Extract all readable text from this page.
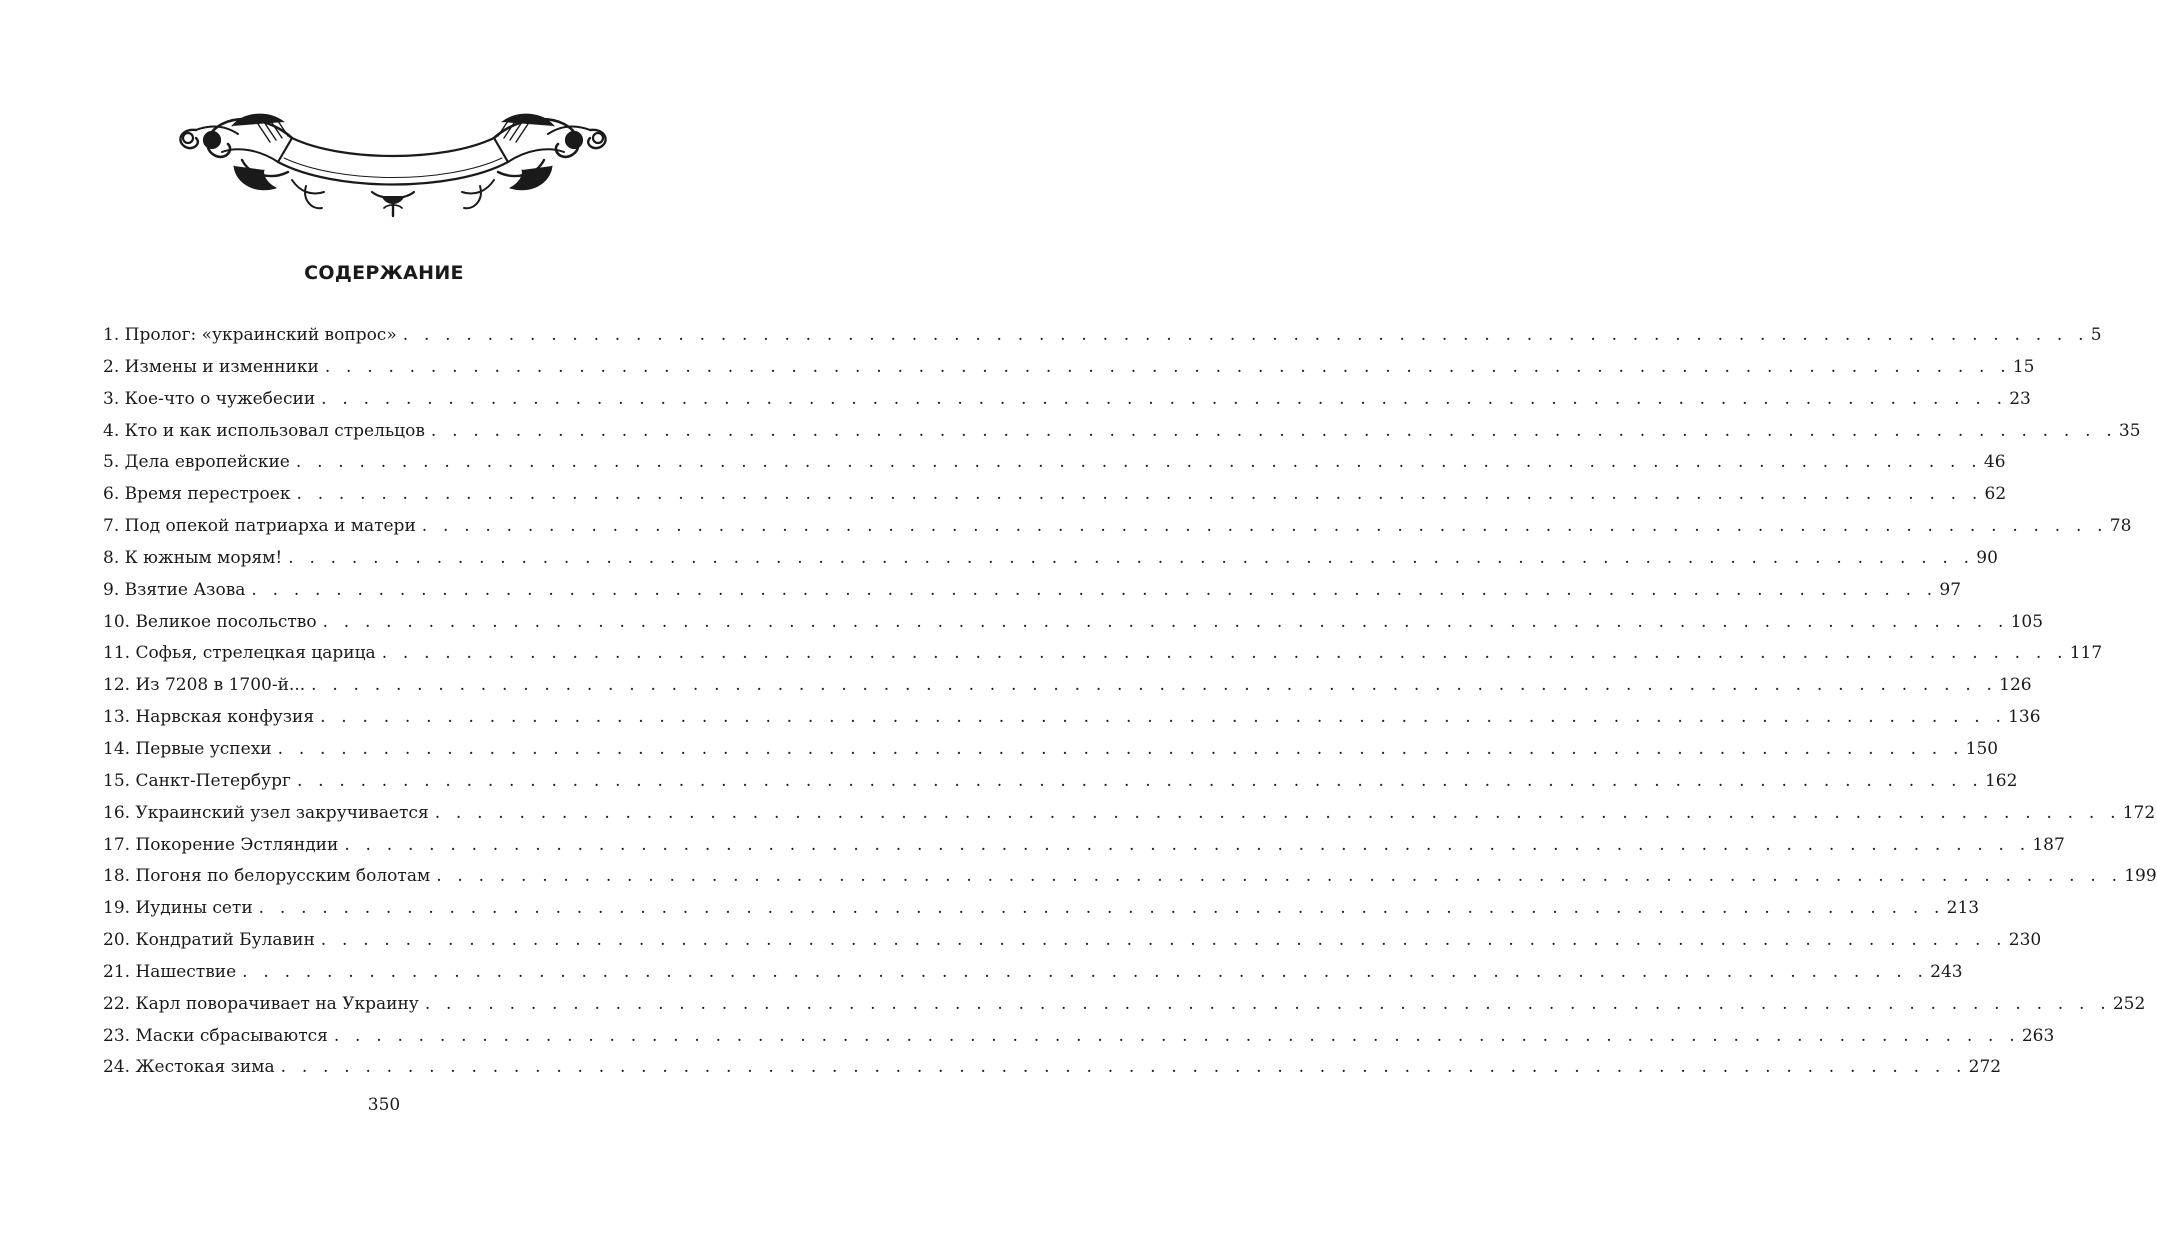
СОДЕРЖАНИЕ
1. Пролог: «украинский вопрос» . . . . . . . . . . . . . . . . . . . . . . . . . . . . . . . . . . . . . . . . . . . . . . . . . . . . . . . . . . . . . . . . . . . . . . . . . . . . . . . . 5
2. Измены и изменники . . . . . . . . . . . . . . . . . . . . . . . . . . . . . . . . . . . . . . . . . . . . . . . . . . . . . . . . . . . . . . . . . . . . . . . . . . . . . . . . 15
3. Кое-что о чужебесии . . . . . . . . . . . . . . . . . . . . . . . . . . . . . . . . . . . . . . . . . . . . . . . . . . . . . . . . . . . . . . . . . . . . . . . . . . . . . . . . 23
4. Кто и как использовал стрельцов . . . . . . . . . . . . . . . . . . . . . . . . . . . . . . . . . . . . . . . . . . . . . . . . . . . . . . . . . . . . . . . . . . . . . . . . . . . . . . . . 35
5. Дела европейские . . . . . . . . . . . . . . . . . . . . . . . . . . . . . . . . . . . . . . . . . . . . . . . . . . . . . . . . . . . . . . . . . . . . . . . . . . . . . . . . 46
6. Время перестроек . . . . . . . . . . . . . . . . . . . . . . . . . . . . . . . . . . . . . . . . . . . . . . . . . . . . . . . . . . . . . . . . . . . . . . . . . . . . . . . . 62
7. Под опекой патриарха и матери . . . . . . . . . . . . . . . . . . . . . . . . . . . . . . . . . . . . . . . . . . . . . . . . . . . . . . . . . . . . . . . . . . . . . . . . . . . . . . . . 78
8. К южным морям! . . . . . . . . . . . . . . . . . . . . . . . . . . . . . . . . . . . . . . . . . . . . . . . . . . . . . . . . . . . . . . . . . . . . . . . . . . . . . . . . 90
9. Взятие Азова . . . . . . . . . . . . . . . . . . . . . . . . . . . . . . . . . . . . . . . . . . . . . . . . . . . . . . . . . . . . . . . . . . . . . . . . . . . . . . . . 97
10. Великое посольство . . . . . . . . . . . . . . . . . . . . . . . . . . . . . . . . . . . . . . . . . . . . . . . . . . . . . . . . . . . . . . . . . . . . . . . . . . . . . . . . 105
11. Софья, стрелецкая царица . . . . . . . . . . . . . . . . . . . . . . . . . . . . . . . . . . . . . . . . . . . . . . . . . . . . . . . . . . . . . . . . . . . . . . . . . . . . . . . . 117
12. Из 7208 в 1700-й... . . . . . . . . . . . . . . . . . . . . . . . . . . . . . . . . . . . . . . . . . . . . . . . . . . . . . . . . . . . . . . . . . . . . . . . . . . . . . . . . 126
13. Нарвская конфузия . . . . . . . . . . . . . . . . . . . . . . . . . . . . . . . . . . . . . . . . . . . . . . . . . . . . . . . . . . . . . . . . . . . . . . . . . . . . . . . . 136
14. Первые успехи . . . . . . . . . . . . . . . . . . . . . . . . . . . . . . . . . . . . . . . . . . . . . . . . . . . . . . . . . . . . . . . . . . . . . . . . . . . . . . . . 150
15. Санкт-Петербург . . . . . . . . . . . . . . . . . . . . . . . . . . . . . . . . . . . . . . . . . . . . . . . . . . . . . . . . . . . . . . . . . . . . . . . . . . . . . . . . 162
16. Украинский узел закручивается . . . . . . . . . . . . . . . . . . . . . . . . . . . . . . . . . . . . . . . . . . . . . . . . . . . . . . . . . . . . . . . . . . . . . . . . . . . . . . . . 172
17. Покорение Эстляндии . . . . . . . . . . . . . . . . . . . . . . . . . . . . . . . . . . . . . . . . . . . . . . . . . . . . . . . . . . . . . . . . . . . . . . . . . . . . . . . . 187
18. Погоня по белорусским болотам . . . . . . . . . . . . . . . . . . . . . . . . . . . . . . . . . . . . . . . . . . . . . . . . . . . . . . . . . . . . . . . . . . . . . . . . . . . . . . . . 199
19. Иудины сети . . . . . . . . . . . . . . . . . . . . . . . . . . . . . . . . . . . . . . . . . . . . . . . . . . . . . . . . . . . . . . . . . . . . . . . . . . . . . . . . 213
20. Кондратий Булавин . . . . . . . . . . . . . . . . . . . . . . . . . . . . . . . . . . . . . . . . . . . . . . . . . . . . . . . . . . . . . . . . . . . . . . . . . . . . . . . . 230
21. Нашествие . . . . . . . . . . . . . . . . . . . . . . . . . . . . . . . . . . . . . . . . . . . . . . . . . . . . . . . . . . . . . . . . . . . . . . . . . . . . . . . . 243
22. Карл поворачивает на Украину . . . . . . . . . . . . . . . . . . . . . . . . . . . . . . . . . . . . . . . . . . . . . . . . . . . . . . . . . . . . . . . . . . . . . . . . . . . . . . . . 252
23. Маски сбрасываются . . . . . . . . . . . . . . . . . . . . . . . . . . . . . . . . . . . . . . . . . . . . . . . . . . . . . . . . . . . . . . . . . . . . . . . . . . . . . . . . 263
24. Жестокая зима . . . . . . . . . . . . . . . . . . . . . . . . . . . . . . . . . . . . . . . . . . . . . . . . . . . . . . . . . . . . . . . . . . . . . . . . . . . . . . . . 272
350
